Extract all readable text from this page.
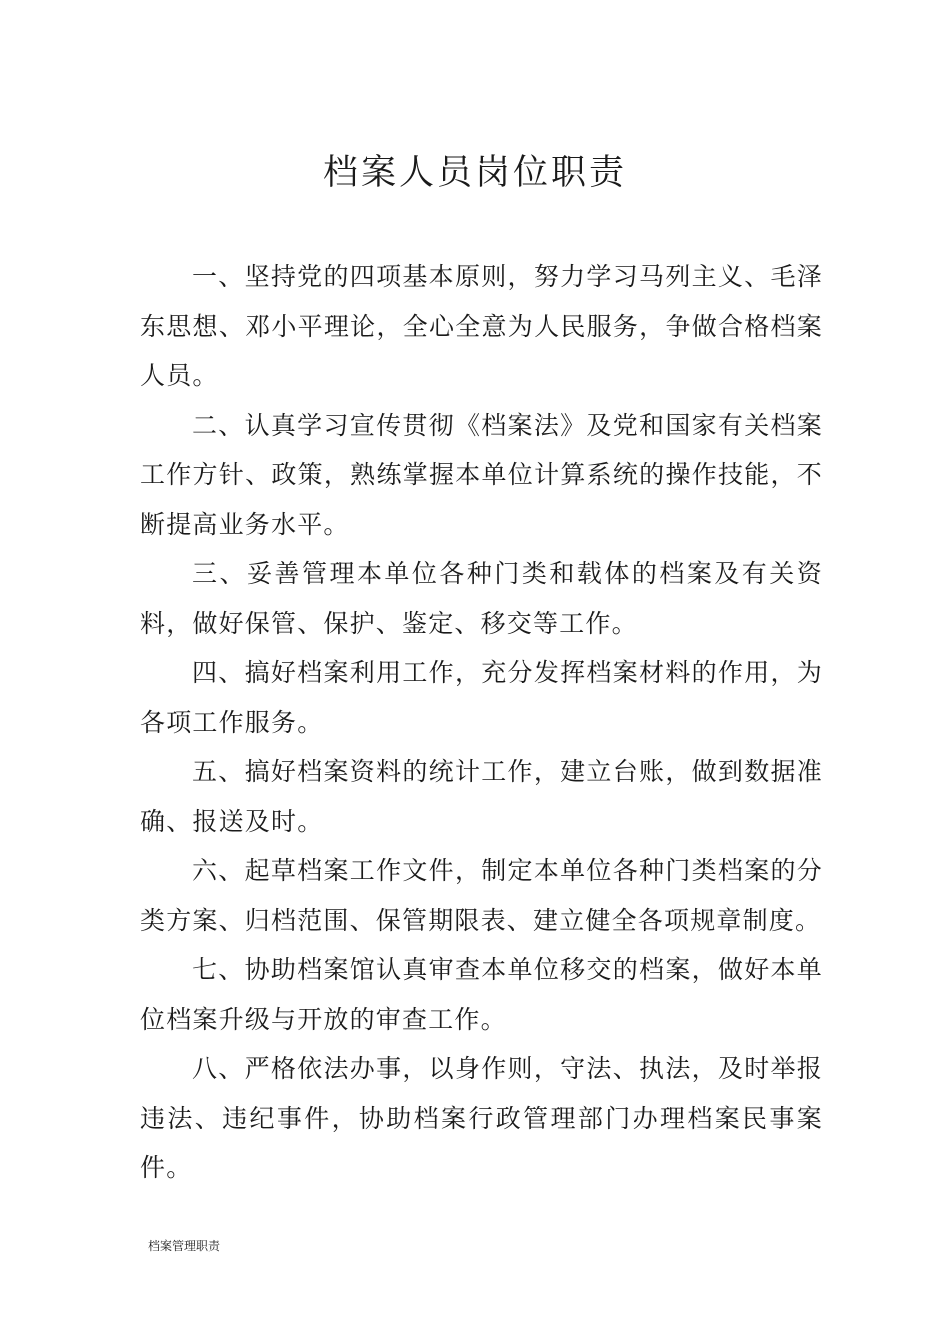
档案人员岗位职责

一、坚持党的四项基本原则，努力学习马列主义、毛泽东思想、邓小平理论，全心全意为人民服务，争做合格档案人员。

二、认真学习宣传贯彻《档案法》及党和国家有关档案工作方针、政策，熟练掌握本单位计算系统的操作技能，不断提高业务水平。

三、妥善管理本单位各种门类和载体的档案及有关资料，做好保管、保护、鉴定、移交等工作。

四、搞好档案利用工作，充分发挥档案材料的作用，为各项工作服务。

五、搞好档案资料的统计工作，建立台账，做到数据准确、报送及时。

六、起草档案工作文件，制定本单位各种门类档案的分类方案、归档范围、保管期限表、建立健全各项规章制度。

七、协助档案馆认真审查本单位移交的档案，做好本单位档案升级与开放的审查工作。

八、严格依法办事，以身作则，守法、执法，及时举报违法、违纪事件，协助档案行政管理部门办理档案民事案件。

档案管理职责
